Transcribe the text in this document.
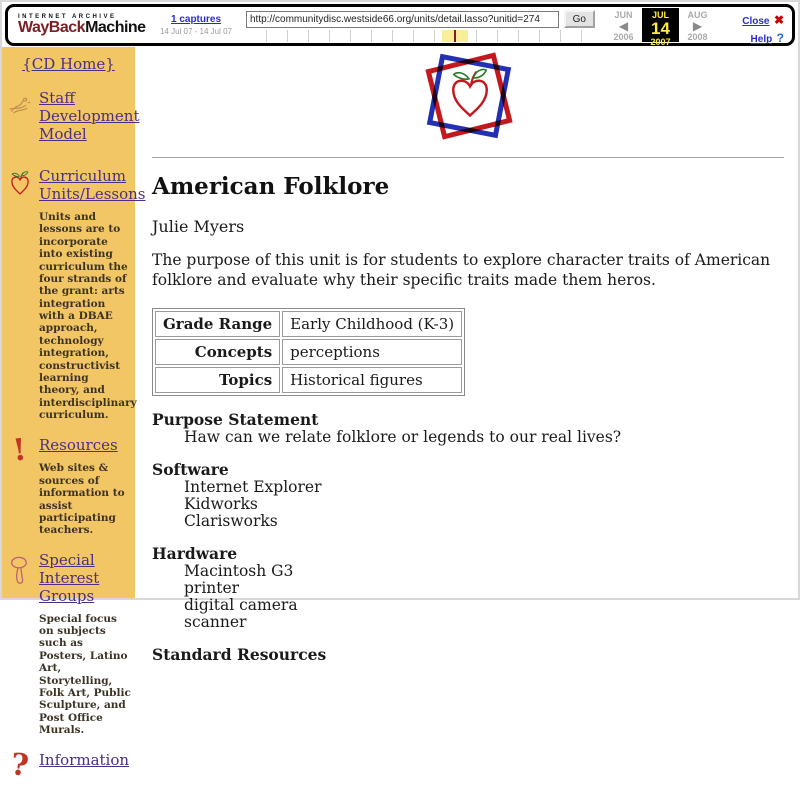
INTERNET ARCHIVE
WayBackMachine	1 captures
14 Jul 07 - 14 Jul 07
http://communitydisc.westside66.org/units/detail.lasso?unitid=274
Go	JUN
◀
2006
JUL
14
2007
AUG
▶
2008
Close ✖
Help ?
{CD Home}
Staff Development Model
Curriculum Units/Lessons
Units and lessons are to incorporate into existing curriculum the four strands of the grant: arts integration with a DBAE approach, technology integration, constructivist learning theory, and interdisciplinary curriculum.
! Resources
Web sites & sources of information to assist participating teachers.
Special Interest Groups
Special focus on subjects such as Posters, Latino Art, Storytelling, Folk Art, Public Sculpture, and Post Office Murals.
? Information
American Folklore
Julie Myers

The purpose of this unit is for students to explore character traits of American folklore and evaluate why their specific traits made them heros.

Grade Range	Early Childhood (K-3)
Concepts	perceptions
Topics	Historical figures
Purpose Statement
Haw can we relate folklore or legends to our real lives?
Software
Internet Explorer
Kidworks
Clarisworks
Hardware
Macintosh G3
printer
digital camera
scanner
Standard Resources
